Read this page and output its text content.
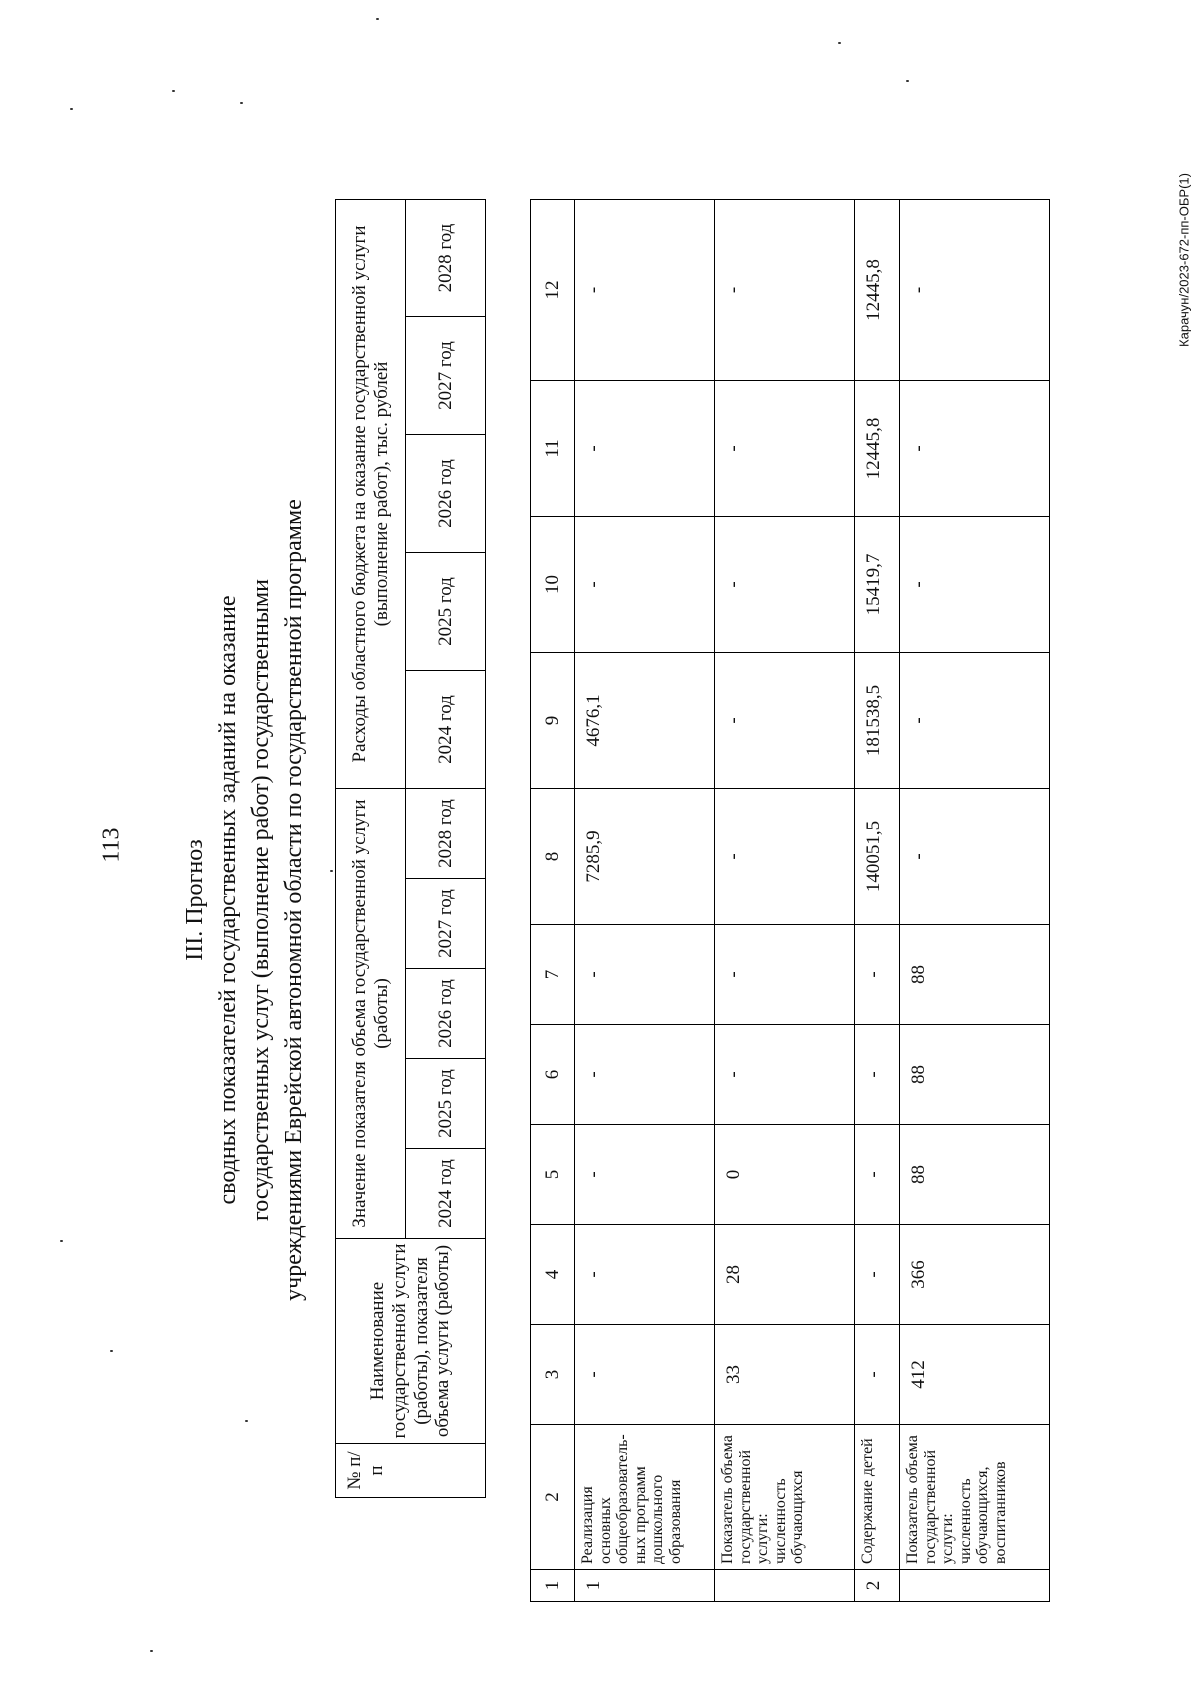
113
Карачун/2023-672-пп-ОБР(1)
III. Прогноз сводных показателей государственных заданий на оказание государственных услуг (выполнение работ) государственными учреждениями Еврейской автономной области по государственной программе
№ п/п	Наименование государственной услуги (работы), показателя объема услуги (работы)	Значение показателя объема государственной услуги (работы)					Расходы областного бюджета на оказание государственной услуги (выполнение работ), тыс. рублей				
		2024 год	2025 год	2026 год	2027 год	2028 год	2024 год	2025 год	2026 год	2027 год	2028 год
1	2	3	4	5	6	7	8	9	10	11	12
1	Реализация основных общеобразователь-ных программ дошкольного образования	-	-	-	-	-	7285,9	4676,1	-	-	-
	Показатель объема государственной услуги: численность обучающихся	33	28	0	-	-	-	-	-	-	-
2	Содержание детей	-	-	-	-	-	140051,5	181538,5	15419,7	12445,8	12445,8
	Показатель объема государственной услуги: численность обучающихся, воспитанников	412	366	88	88	88	-	-	-	-	-
